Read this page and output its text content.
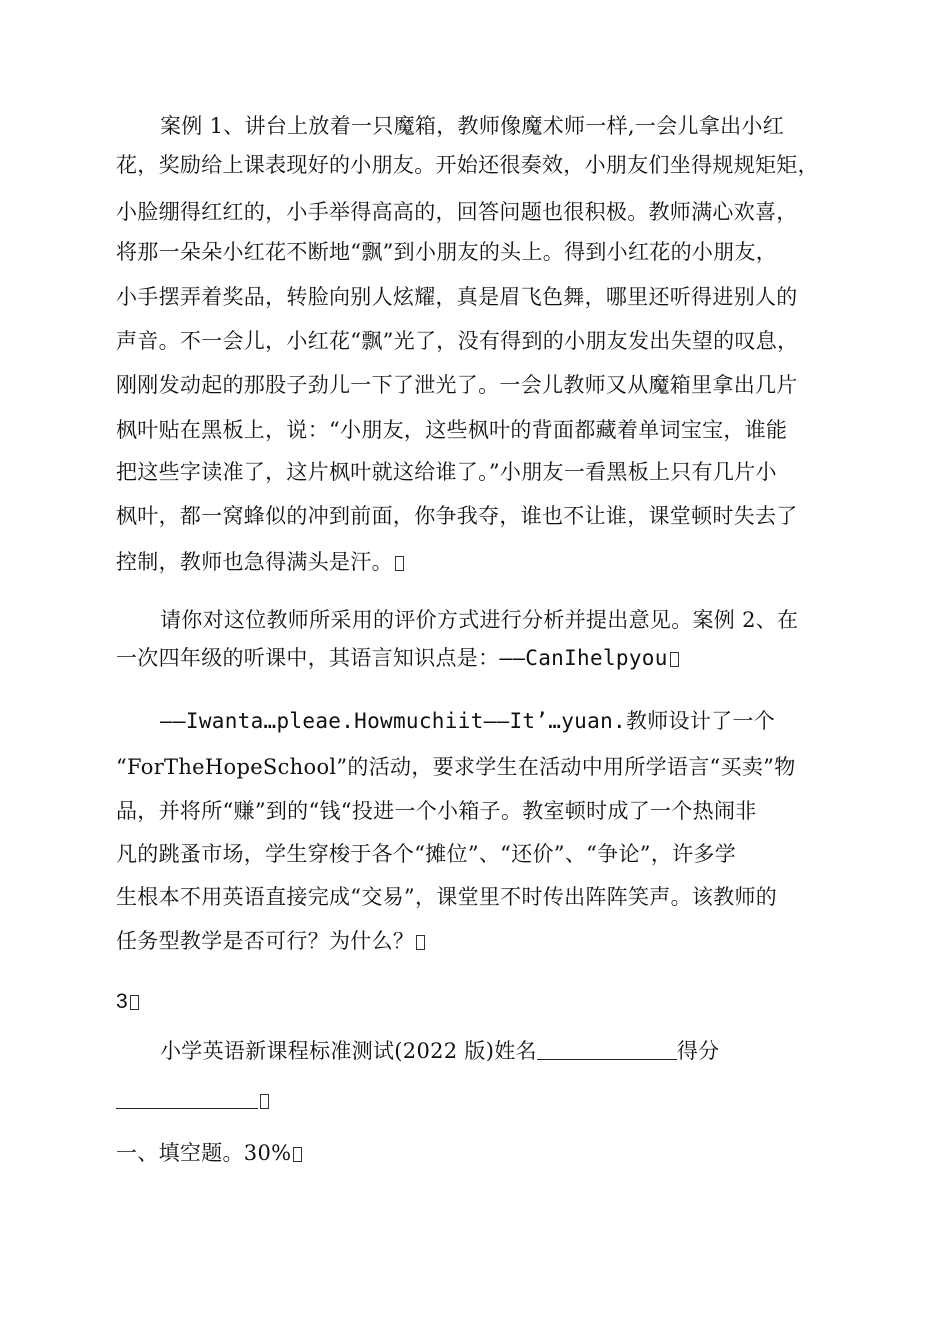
案例 1、讲台上放着一只魔箱，教师像魔术师一样,一会儿拿出小红
花，奖励给上课表现好的小朋友。开始还很奏效，小朋友们坐得规规矩矩，
小脸绷得红红的，小手举得高高的，回答问题也很积极。教师满心欢喜，
将那一朵朵小红花不断地“飘”到小朋友的头上。得到小红花的小朋友，
小手摆弄着奖品，转脸向别人炫耀，真是眉飞色舞，哪里还听得进别人的
声音。不一会儿，小红花“飘”光了，没有得到的小朋友发出失望的叹息，
刚刚发动起的那股子劲儿一下了泄光了。一会儿教师又从魔箱里拿出几片
枫叶贴在黑板上，说：“小朋友，这些枫叶的背面都藏着单词宝宝，谁能
把这些字读准了，这片枫叶就这给谁了。”小朋友一看黑板上只有几片小
枫叶，都一窝蜂似的冲到前面，你争我夺，谁也不让谁，课堂顿时失去了
控制，教师也急得满头是汗。
请你对这位教师所采用的评价方式进行分析并提出意见。案例 2、在
一次四年级的听课中，其语言知识点是：——CanIhelpyou
——Iwanta…pleae.Howmuchiit——It’…yuan.教师设计了一个
“ForTheHopeSchool”的活动，要求学生在活动中用所学语言“买卖”物
品，并将所“赚”到的“钱“投进一个小箱子。教室顿时成了一个热闹非
凡的跳蚤市场，学生穿梭于各个“摊位”、“还价”、“争论”，许多学
生根本不用英语直接完成“交易”，课堂里不时传出阵阵笑声。该教师的
任务型教学是否可行？为什么？
3
小学英语新课程标准测试(2022 版)姓名	得分
一、填空题。30%
